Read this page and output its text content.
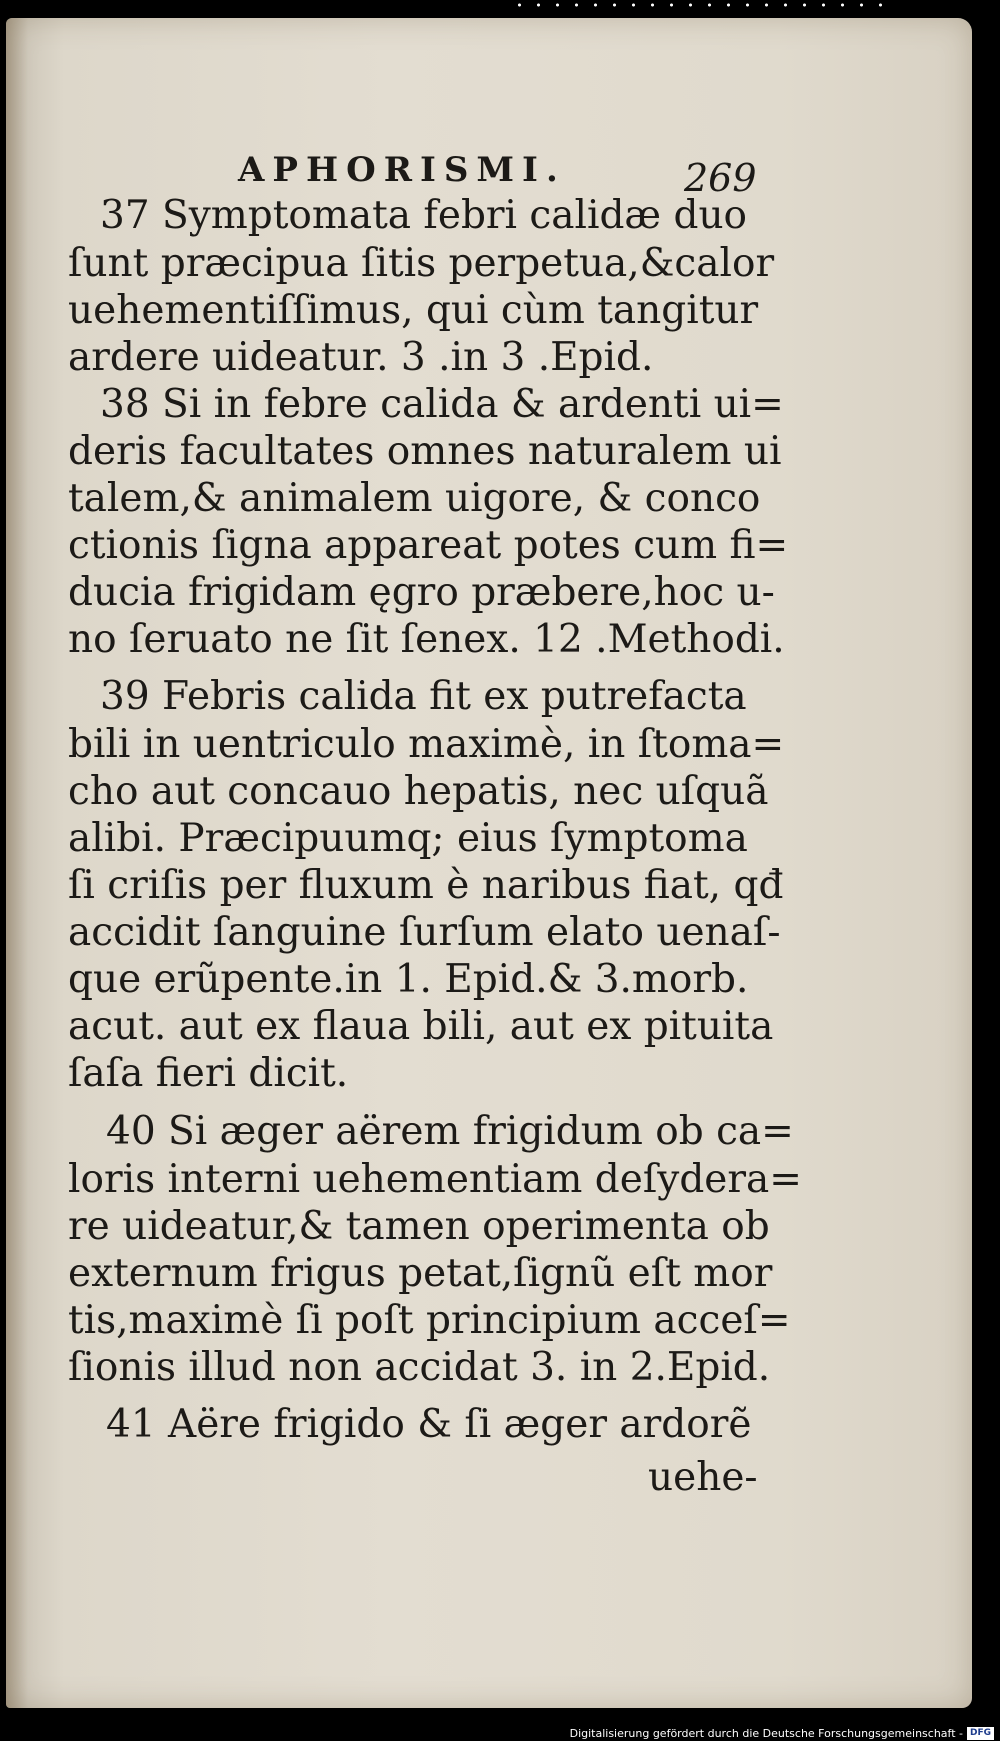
APHORISMI.	269
37 Symptomata febri calidæ duo
ſunt præcipua ſitis perpetua,&calor
uehementiſſimus, qui cùm tangitur
ardere uideatur. 3 .in 3 .Epid.
38 Si in febre calida & ardenti ui=
deris facultates omnes naturalem ui
talem,& animalem uigore, & conco
ctionis ſigna appareat potes cum fi=
ducia frigidam ęgro præbere,hoc u-
no ſeruato ne ſit ſenex. 12 .Methodi.
39 Febris calida fit ex putrefacta
bili in uentriculo maximè, in ſtoma=
cho aut concauo hepatis, nec uſquã
alibi. Præcipuumq; eius ſymptoma
ſi criſis per fluxum è naribus fiat, qđ
accidit ſanguine ſurſum elato uenaſ-
que erũpente.in 1. Epid.& 3.morb.
acut. aut ex flaua bili, aut ex pituita
ſaſa fieri dicit.
40 Si æger aërem frigidum ob ca=
loris interni uehementiam deſydera=
re uideatur,& tamen operimenta ob
externum frigus petat,ſignũ eſt mor
tis,maximè ſi poſt principium acceſ=
ſionis illud non accidat 3. in 2.Epid.
41 Aëre frigido & ſi æger ardorẽ
uehe-
Digitalisierung gefördert durch die Deutsche Forschungsgemeinschaft - DFG
